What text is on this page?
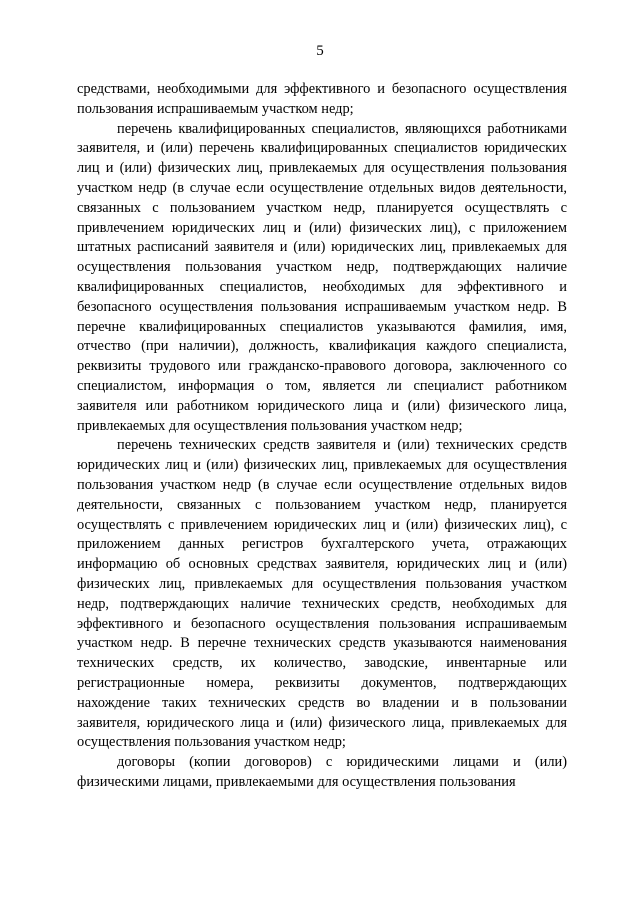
5

средствами, необходимыми для эффективного и безопасного осуществления пользования испрашиваемым участком недр;

перечень квалифицированных специалистов, являющихся работниками заявителя, и (или) перечень квалифицированных специалистов юридических лиц и (или) физических лиц, привлекаемых для осуществления пользования участком недр (в случае если осуществление отдельных видов деятельности, связанных с пользованием участком недр, планируется осуществлять с привлечением юридических лиц и (или) физических лиц), с приложением штатных расписаний заявителя и (или) юридических лиц, привлекаемых для осуществления пользования участком недр, подтверждающих наличие квалифицированных специалистов, необходимых для эффективного и безопасного осуществления пользования испрашиваемым участком недр. В перечне квалифицированных специалистов указываются фамилия, имя, отчество (при наличии), должность, квалификация каждого специалиста, реквизиты трудового или гражданско-правового договора, заключенного со специалистом, информация о том, является ли специалист работником заявителя или работником юридического лица и (или) физического лица, привлекаемых для осуществления пользования участком недр;

перечень технических средств заявителя и (или) технических средств юридических лиц и (или) физических лиц, привлекаемых для осуществления пользования участком недр (в случае если осуществление отдельных видов деятельности, связанных с пользованием участком недр, планируется осуществлять с привлечением юридических лиц и (или) физических лиц), с приложением данных регистров бухгалтерского учета, отражающих информацию об основных средствах заявителя, юридических лиц и (или) физических лиц, привлекаемых для осуществления пользования участком недр, подтверждающих наличие технических средств, необходимых для эффективного и безопасного осуществления пользования испрашиваемым участком недр. В перечне технических средств указываются наименования технических средств, их количество, заводские, инвентарные или регистрационные номера, реквизиты документов, подтверждающих нахождение таких технических средств во владении и в пользовании заявителя, юридического лица и (или) физического лица, привлекаемых для осуществления пользования участком недр;

договоры (копии договоров) с юридическими лицами и (или) физическими лицами, привлекаемыми для осуществления пользования
